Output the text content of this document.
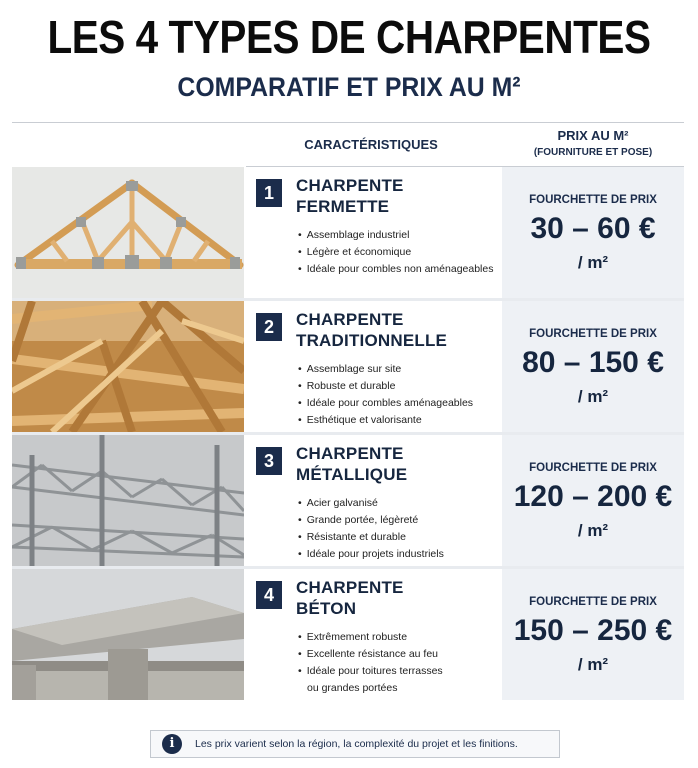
LES 4 TYPES DE CHARPENTES
COMPARATIF ET PRIX AU M²
CARACTÉRISTIQUES
PRIX AU M²
(FOURNITURE ET POSE)
1	CHARPENTE
FERMETTE
• Assemblage industriel
• Légère et économique
• Idéale pour combles non aménageables
FOURCHETTE DE PRIX
30 – 60 €
/ m²
2	CHARPENTE
TRADITIONNELLE
• Assemblage sur site
• Robuste et durable
• Idéale pour combles aménageables
• Esthétique et valorisante
FOURCHETTE DE PRIX
80 – 150 €
/ m²
3	CHARPENTE
MÉTALLIQUE
• Acier galvanisé
• Grande portée, légèreté
• Résistante et durable
• Idéale pour projets industriels
FOURCHETTE DE PRIX
120 – 200 €
/ m²
4	CHARPENTE
BÉTON
• Extrêmement robuste
• Excellente résistance au feu
• Idéale pour toitures terrasses
ou grandes portées
FOURCHETTE DE PRIX
150 – 250 €
/ m²
i	Les prix varient selon la région, la complexité du projet et les finitions.
